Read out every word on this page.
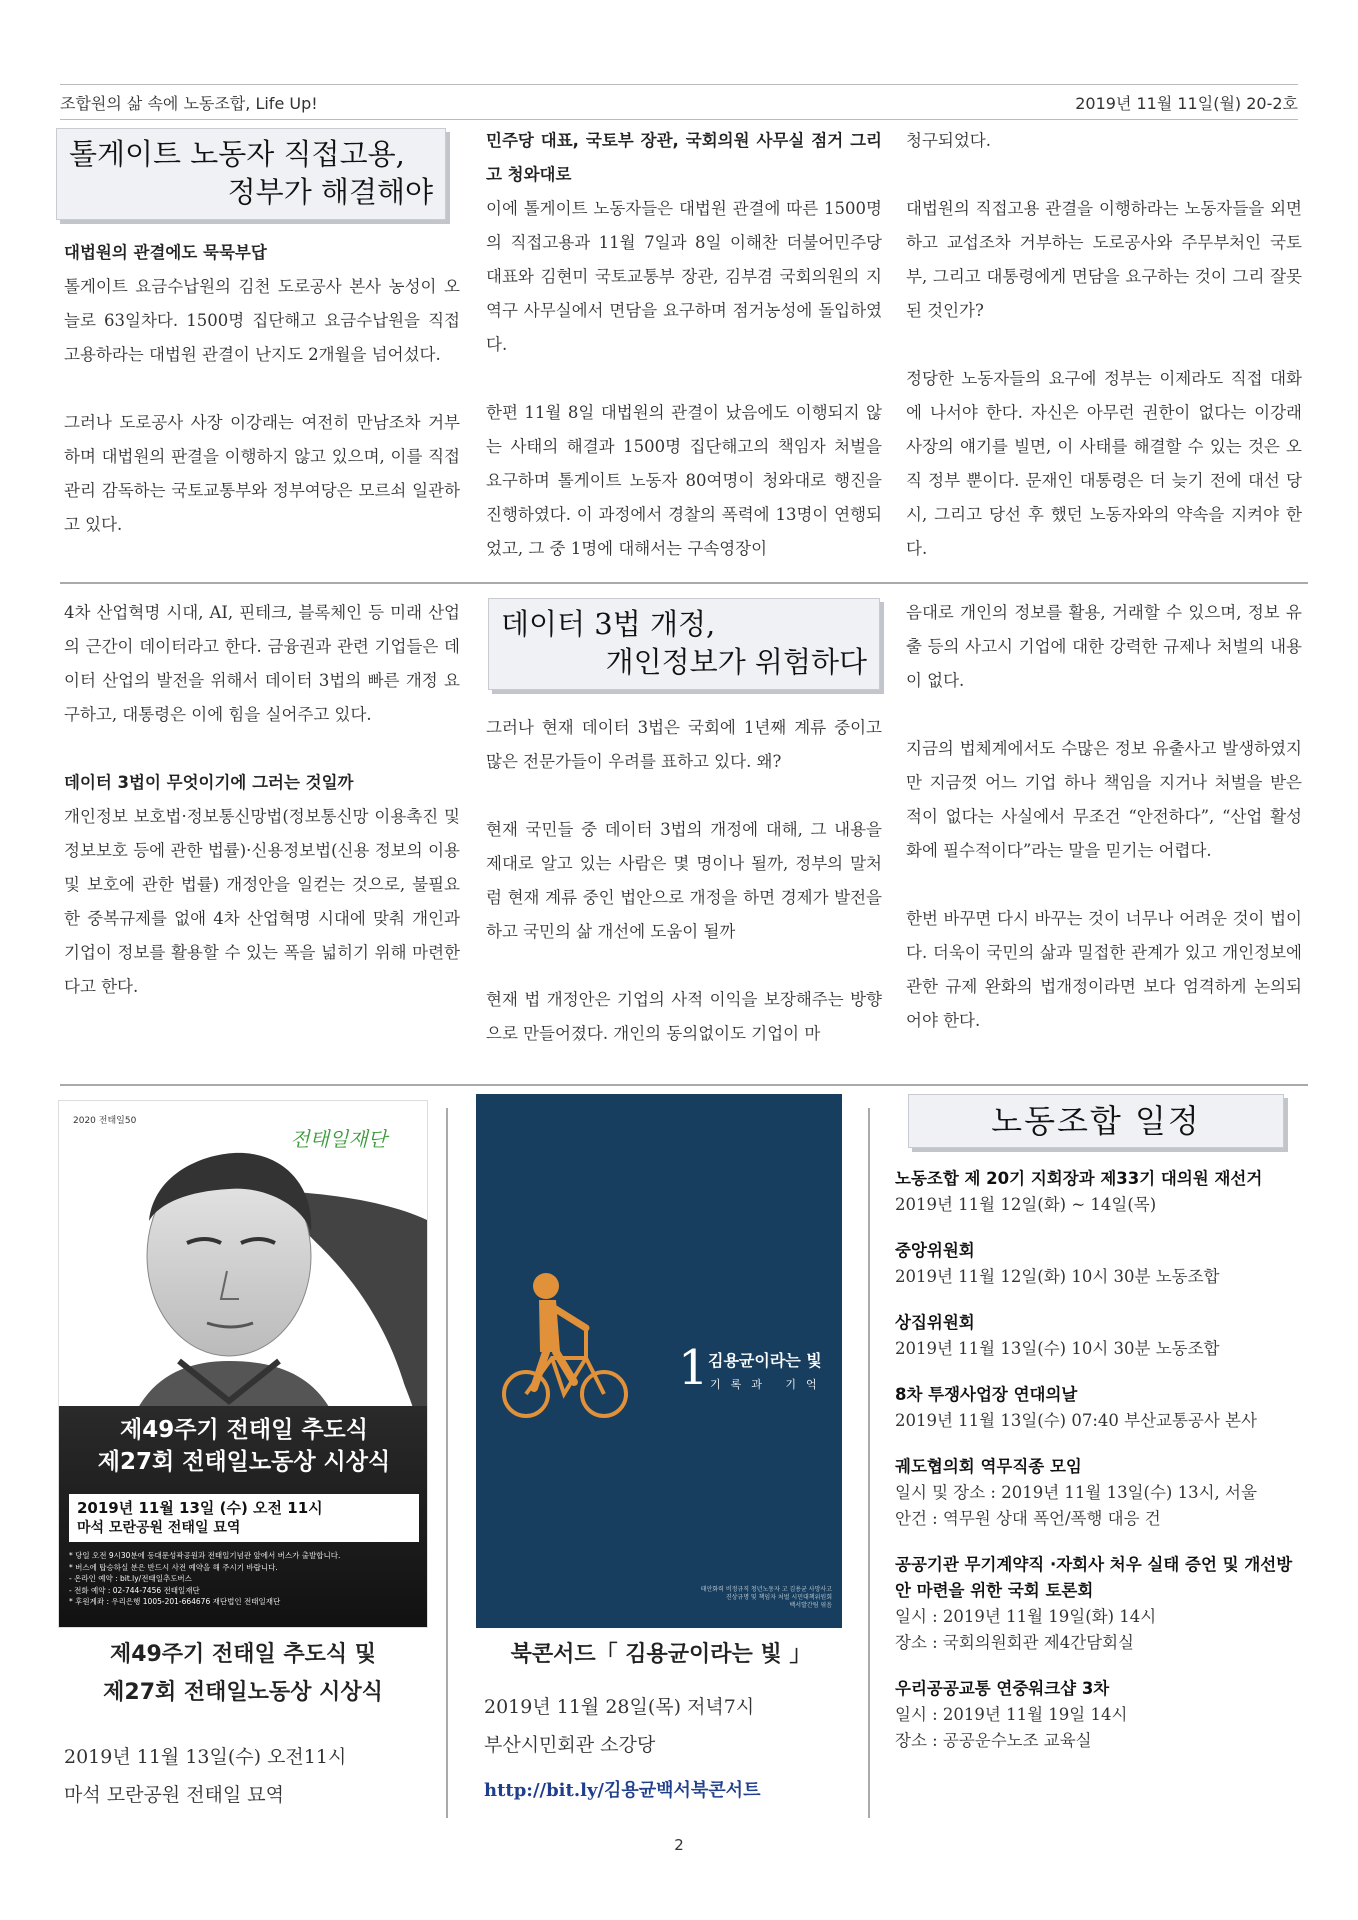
조합원의 삶 속에 노동조합, Life Up!	2019년 11월 11일(월) 20-2호
톨게이트 노동자 직접고용,
정부가 해결해야

대법원의 관결에도 묵묵부답

톨게이트 요금수납원의 김천 도로공사 본사 농성이 오늘로 63일차다. 1500명 집단해고 요금수납원을 직접고용하라는 대법원 관결이 난지도 2개월을 넘어섰다.

그러나 도로공사 사장 이강래는 여전히 만남조차 거부하며 대법원의 판결을 이행하지 않고 있으며, 이를 직접 관리 감독하는 국토교통부와 정부여당은 모르쇠 일관하고 있다.

민주당 대표, 국토부 장관, 국회의원 사무실 점거 그리고 청와대로

이에 톨게이트 노동자들은 대법원 관결에 따른 1500명의 직접고용과 11월 7일과 8일 이해찬 더불어민주당 대표와 김현미 국토교통부 장관, 김부겸 국회의원의 지역구 사무실에서 면담을 요구하며 점거농성에 돌입하였다.

한편 11월 8일 대법원의 관결이 났음에도 이행되지 않는 사태의 해결과 1500명 집단해고의 책임자 처벌을 요구하며 톨게이트 노동자 80여명이 청와대로 행진을 진행하였다. 이 과정에서 경찰의 폭력에 13명이 연행되었고, 그 중 1명에 대해서는 구속영장이

청구되었다.

대법원의 직접고용 관결을 이행하라는 노동자들을 외면하고 교섭조차 거부하는 도로공사와 주무부처인 국토부, 그리고 대통령에게 면담을 요구하는 것이 그리 잘못된 것인가?

정당한 노동자들의 요구에 정부는 이제라도 직접 대화에 나서야 한다. 자신은 아무런 권한이 없다는 이강래 사장의 얘기를 빌면, 이 사태를 해결할 수 있는 것은 오직 정부 뿐이다. 문재인 대통령은 더 늦기 전에 대선 당시, 그리고 당선 후 했던 노동자와의 약속을 지켜야 한다.

데이터 3법 개정,
개인정보가 위험하다

4차 산업혁명 시대, AI, 핀테크, 블록체인 등 미래 산업의 근간이 데이터라고 한다. 금융권과 관련 기업들은 데이터 산업의 발전을 위해서 데이터 3법의 빠른 개정 요구하고, 대통령은 이에 힘을 실어주고 있다.

데이터 3법이 무엇이기에 그러는 것일까

개인정보 보호법·정보통신망법(정보통신망 이용촉진 및 정보보호 등에 관한 법률)·신용정보법(신용 정보의 이용 및 보호에 관한 법률) 개정안을 일컫는 것으로, 불필요한 중복규제를 없애 4차 산업혁명 시대에 맞춰 개인과 기업이 정보를 활용할 수 있는 폭을 넓히기 위해 마련한다고 한다.

그러나 현재 데이터 3법은 국회에 1년째 계류 중이고 많은 전문가들이 우려를 표하고 있다. 왜?

현재 국민들 중 데이터 3법의 개정에 대해, 그 내용을 제대로 알고 있는 사람은 몇 명이나 될까, 정부의 말처럼 현재 계류 중인 법안으로 개정을 하면 경제가 발전을 하고 국민의 삶 개선에 도움이 될까

현재 법 개정안은 기업의 사적 이익을 보장해주는 방향으로 만들어졌다. 개인의 동의없이도 기업이 마

음대로 개인의 정보를 활용, 거래할 수 있으며, 정보 유출 등의 사고시 기업에 대한 강력한 규제나 처벌의 내용이 없다.

지금의 법체계에서도 수많은 정보 유출사고 발생하였지만 지금껏 어느 기업 하나 책임을 지거나 처벌을 받은 적이 없다는 사실에서 무조건 “안전하다”, “산업 활성화에 필수적이다”라는 말을 믿기는 어렵다.

한번 바꾸면 다시 바꾸는 것이 너무나 어려운 것이 법이다. 더욱이 국민의 삶과 밀접한 관계가 있고 개인정보에 관한 규제 완화의 법개정이라면 보다 엄격하게 논의되어야 한다.

2020 전태일50
전태일재단
제49주기 전태일 추도식
제27회 전태일노동상 시상식
2019년 11월 13일 (수) 오전 11시
마석 모란공원 전태일 묘역
* 당일 오전 9시30분에 동대문성곽공원과 전태일기념관 앞에서 버스가 출발합니다.
* 버스에 탑승하실 분은 반드시 사전 예약을 해 주시기 바랍니다.
- 온라인 예약 : bit.ly/전태일추도버스
- 전화 예약 : 02-744-7456 전태일재단
* 후원계좌 : 우리은행 1005-201-664676 재단법인 전태일재단
제49주기 전태일 추도식 및
제27회 전태일노동상 시상식
2019년 11월 13일(수) 오전11시
마석 모란공원 전태일 묘역
1 김용균이라는 빛
기록과 기억
태안화력 비정규직 청년노동자 고 김용균 사망사고
진상규명 및 책임자 처벌 시민대책위원회
백서발간팀 엮음
북콘서드「 김용균이라는 빛 」
2019년 11월 28일(목) 저녁7시
부산시민회관 소강당
http://bit.ly/김용균백서북콘서트
노동조합 일정
노동조합 제 20기 지회장과 제33기 대의원 재선거
2019년 11월 12일(화) ~ 14일(목)
중앙위원회
2019년 11월 12일(화) 10시 30분 노동조합
상집위원회
2019년 11월 13일(수) 10시 30분 노동조합
8차 투쟁사업장 연대의날
2019년 11월 13일(수) 07:40 부산교통공사 본사
궤도협의회 역무직종 모임
일시 및 장소 : 2019년 11월 13일(수) 13시, 서울
안건 : 역무원 상대 폭언/폭행 대응 건
공공기관 무기계약직 ·자회사 처우 실태 증언 및 개선방안 마련을 위한 국회 토론회
일시 : 2019년 11월 19일(화) 14시
장소 : 국회의원회관 제4간담회실
우리공공교통 연중워크샵 3차
일시 : 2019년 11월 19일 14시
장소 : 공공운수노조 교육실
2
